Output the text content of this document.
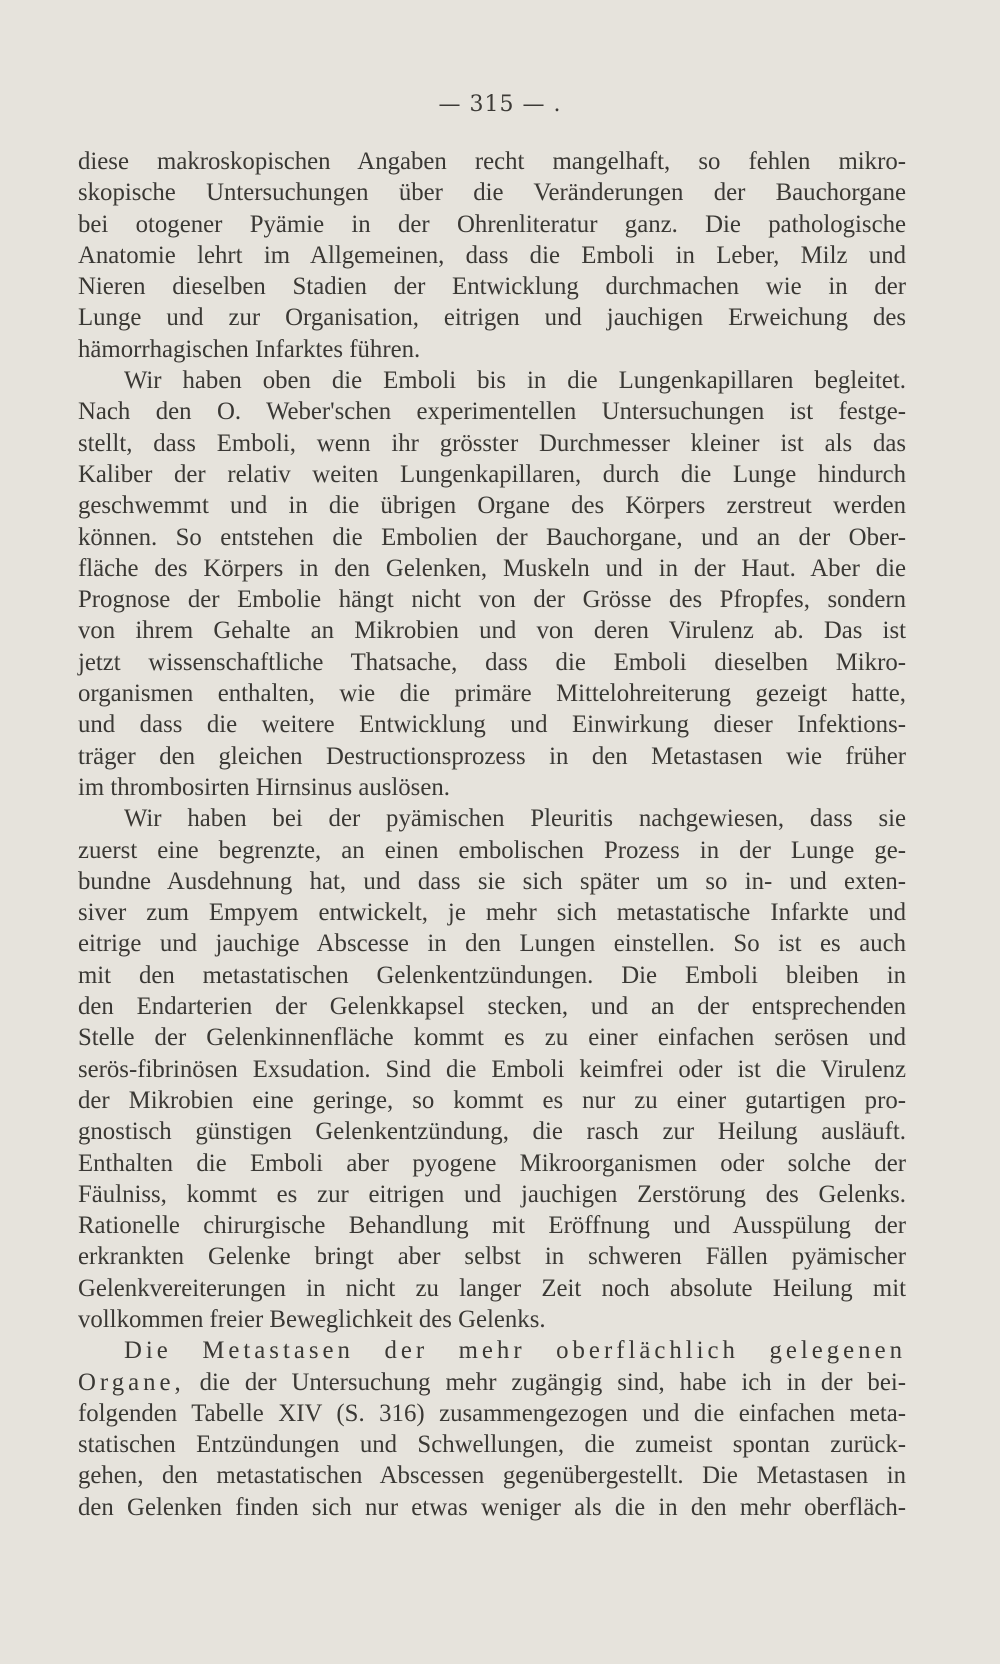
— 315 — .

diese makroskopischen Angaben recht mangelhaft, so fehlen mikro-
skopische Untersuchungen über die Veränderungen der Bauchorgane
bei otogener Pyämie in der Ohrenliteratur ganz. Die pathologische
Anatomie lehrt im Allgemeinen, dass die Emboli in Leber, Milz und
Nieren dieselben Stadien der Entwicklung durchmachen wie in der
Lunge und zur Organisation, eitrigen und jauchigen Erweichung des
hämorrhagischen Infarktes führen.

Wir haben oben die Emboli bis in die Lungenkapillaren begleitet.
Nach den O. Weber'schen experimentellen Untersuchungen ist festge-
stellt, dass Emboli, wenn ihr grösster Durchmesser kleiner ist als das
Kaliber der relativ weiten Lungenkapillaren, durch die Lunge hindurch
geschwemmt und in die übrigen Organe des Körpers zerstreut werden
können. So entstehen die Embolien der Bauchorgane, und an der Ober-
fläche des Körpers in den Gelenken, Muskeln und in der Haut. Aber die
Prognose der Embolie hängt nicht von der Grösse des Pfropfes, sondern
von ihrem Gehalte an Mikrobien und von deren Virulenz ab. Das ist
jetzt wissenschaftliche Thatsache, dass die Emboli dieselben Mikro-
organismen enthalten, wie die primäre Mittelohreiterung gezeigt hatte,
und dass die weitere Entwicklung und Einwirkung dieser Infektions-
träger den gleichen Destructionsprozess in den Metastasen wie früher
im thrombosirten Hirnsinus auslösen.

Wir haben bei der pyämischen Pleuritis nachgewiesen, dass sie
zuerst eine begrenzte, an einen embolischen Prozess in der Lunge ge-
bundne Ausdehnung hat, und dass sie sich später um so in- und exten-
siver zum Empyem entwickelt, je mehr sich metastatische Infarkte und
eitrige und jauchige Abscesse in den Lungen einstellen. So ist es auch
mit den metastatischen Gelenkentzündungen. Die Emboli bleiben in
den Endarterien der Gelenkkapsel stecken, und an der entsprechenden
Stelle der Gelenkinnenfläche kommt es zu einer einfachen serösen und
serös-fibrinösen Exsudation. Sind die Emboli keimfrei oder ist die Virulenz
der Mikrobien eine geringe, so kommt es nur zu einer gutartigen pro-
gnostisch günstigen Gelenkentzündung, die rasch zur Heilung ausläuft.
Enthalten die Emboli aber pyogene Mikroorganismen oder solche der
Fäulniss, kommt es zur eitrigen und jauchigen Zerstörung des Gelenks.
Rationelle chirurgische Behandlung mit Eröffnung und Ausspülung der
erkrankten Gelenke bringt aber selbst in schweren Fällen pyämischer
Gelenkvereiterungen in nicht zu langer Zeit noch absolute Heilung mit
vollkommen freier Beweglichkeit des Gelenks.

Die Metastasen der mehr oberflächlich gelegenen
Organe, die der Untersuchung mehr zugängig sind, habe ich in der bei-
folgenden Tabelle XIV (S. 316) zusammengezogen und die einfachen meta-
statischen Entzündungen und Schwellungen, die zumeist spontan zurück-
gehen, den metastatischen Abscessen gegenübergestellt. Die Metastasen in
den Gelenken finden sich nur etwas weniger als die in den mehr oberfläch-
